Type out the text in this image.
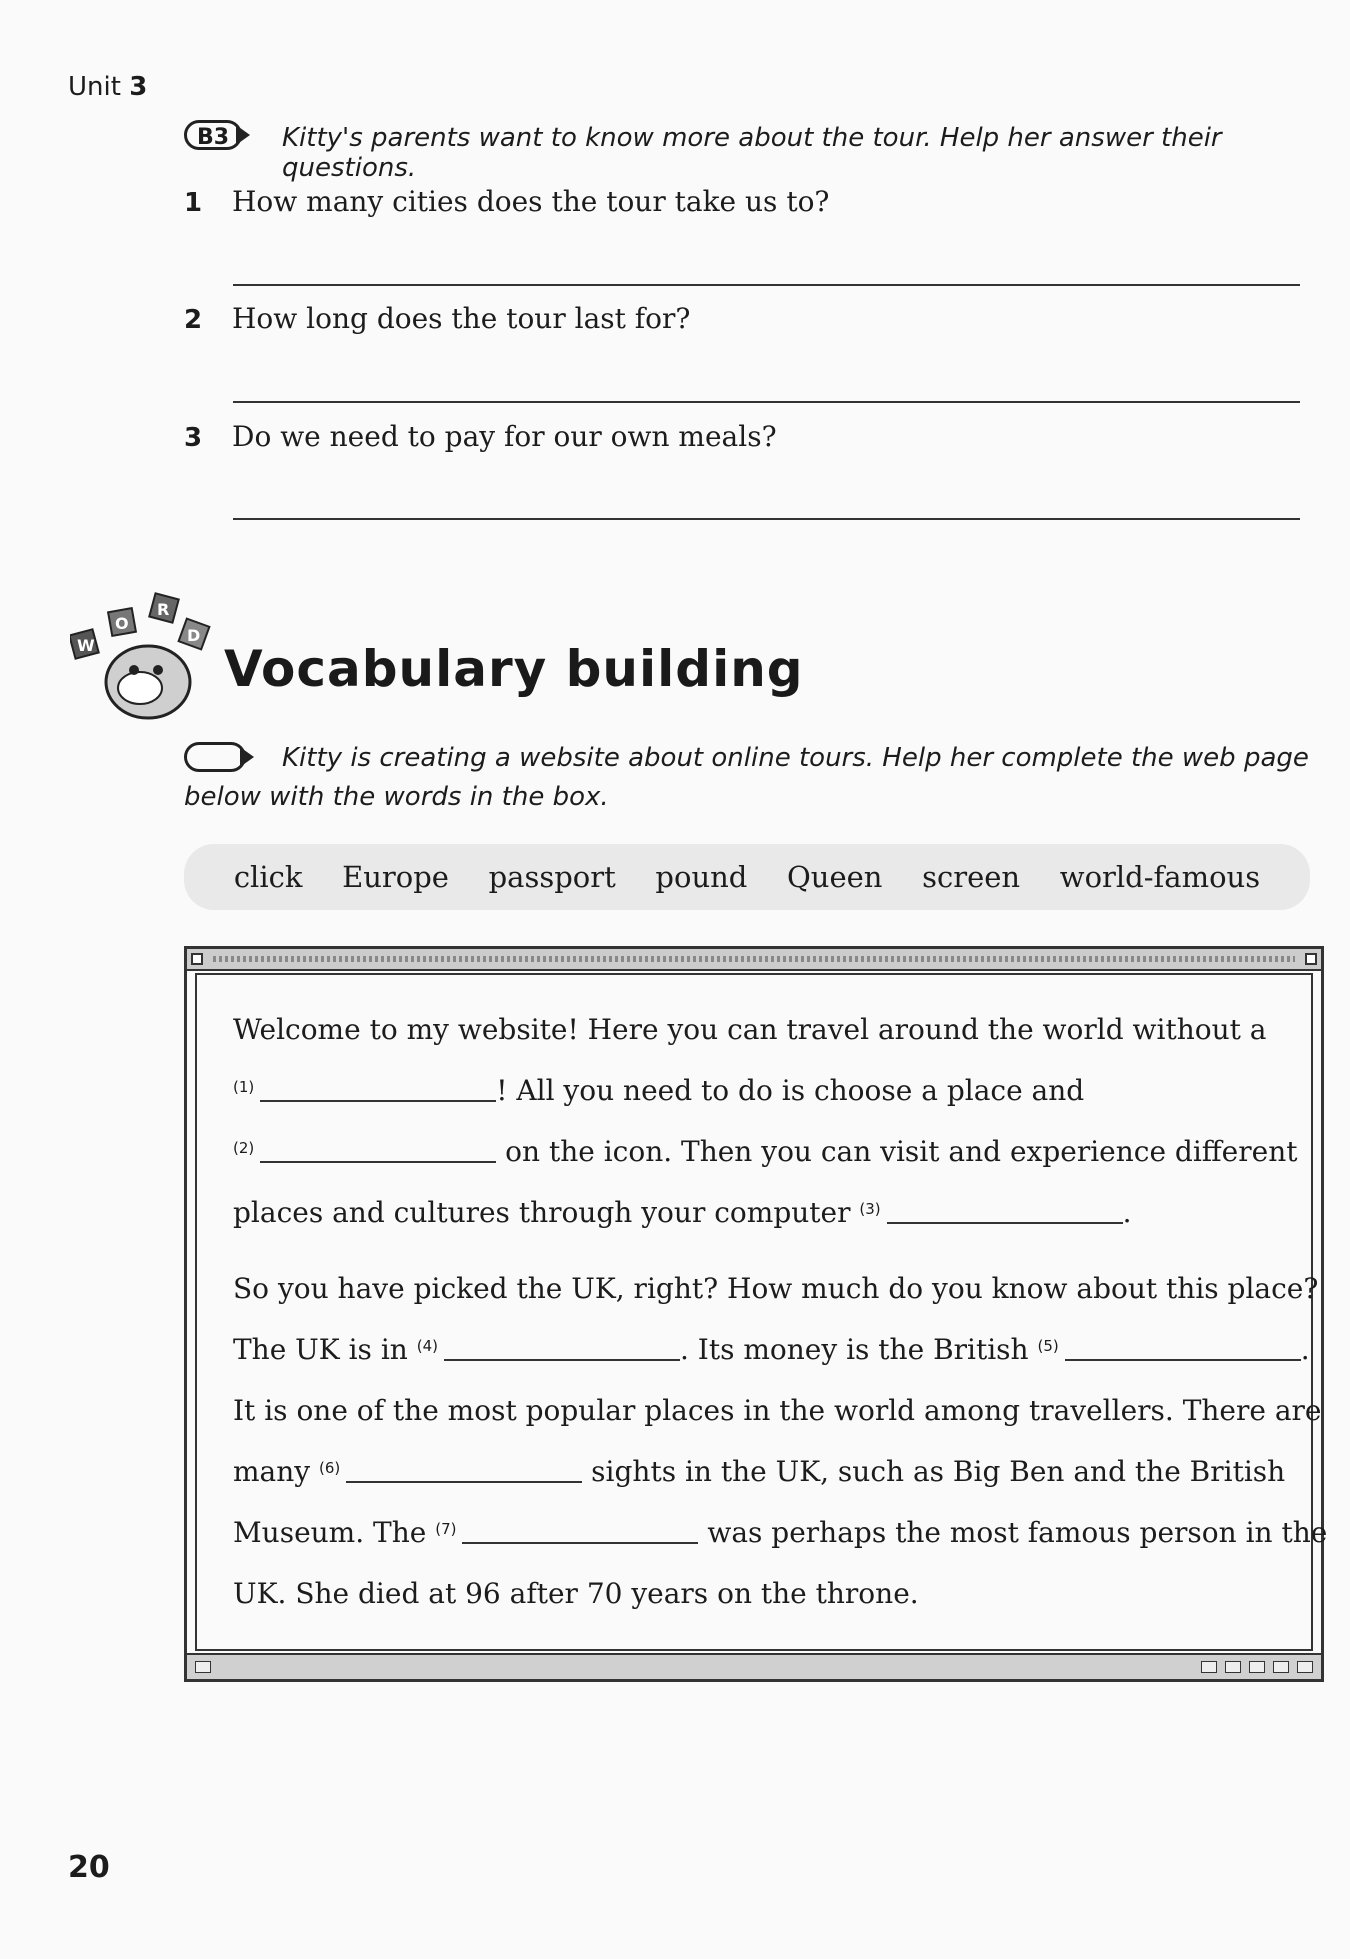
Unit 3
B3	Kitty's parents want to know more about the tour. Help her answer their questions.
1 How many cities does the tour take us to?
2 How long does the tour last for?
3 Do we need to pay for our own meals?
W
O
R
D
Vocabulary building
Kitty is creating a website about online tours. Help her complete the web page
below with the words in the box.
click Europe passport pound Queen screen world-famous
Welcome to my website! Here you can travel around the world without a
$^{(1)}$	! All you need to do is choose a place and
$^{(2)}$	on the icon. Then you can visit and experience different
places and cultures through your computer $^{(3)}$	.
So you have picked the UK, right? How much do you know about this place?
The UK is in $^{(4)}$	. Its money is the British $^{(5)}$	.
It is one of the most popular places in the world among travellers. There are
many $^{(6)}$	sights in the UK, such as Big Ben and the British
Museum. The $^{(7)}$	was perhaps the most famous person in the
UK. She died at 96 after 70 years on the throne.
20
